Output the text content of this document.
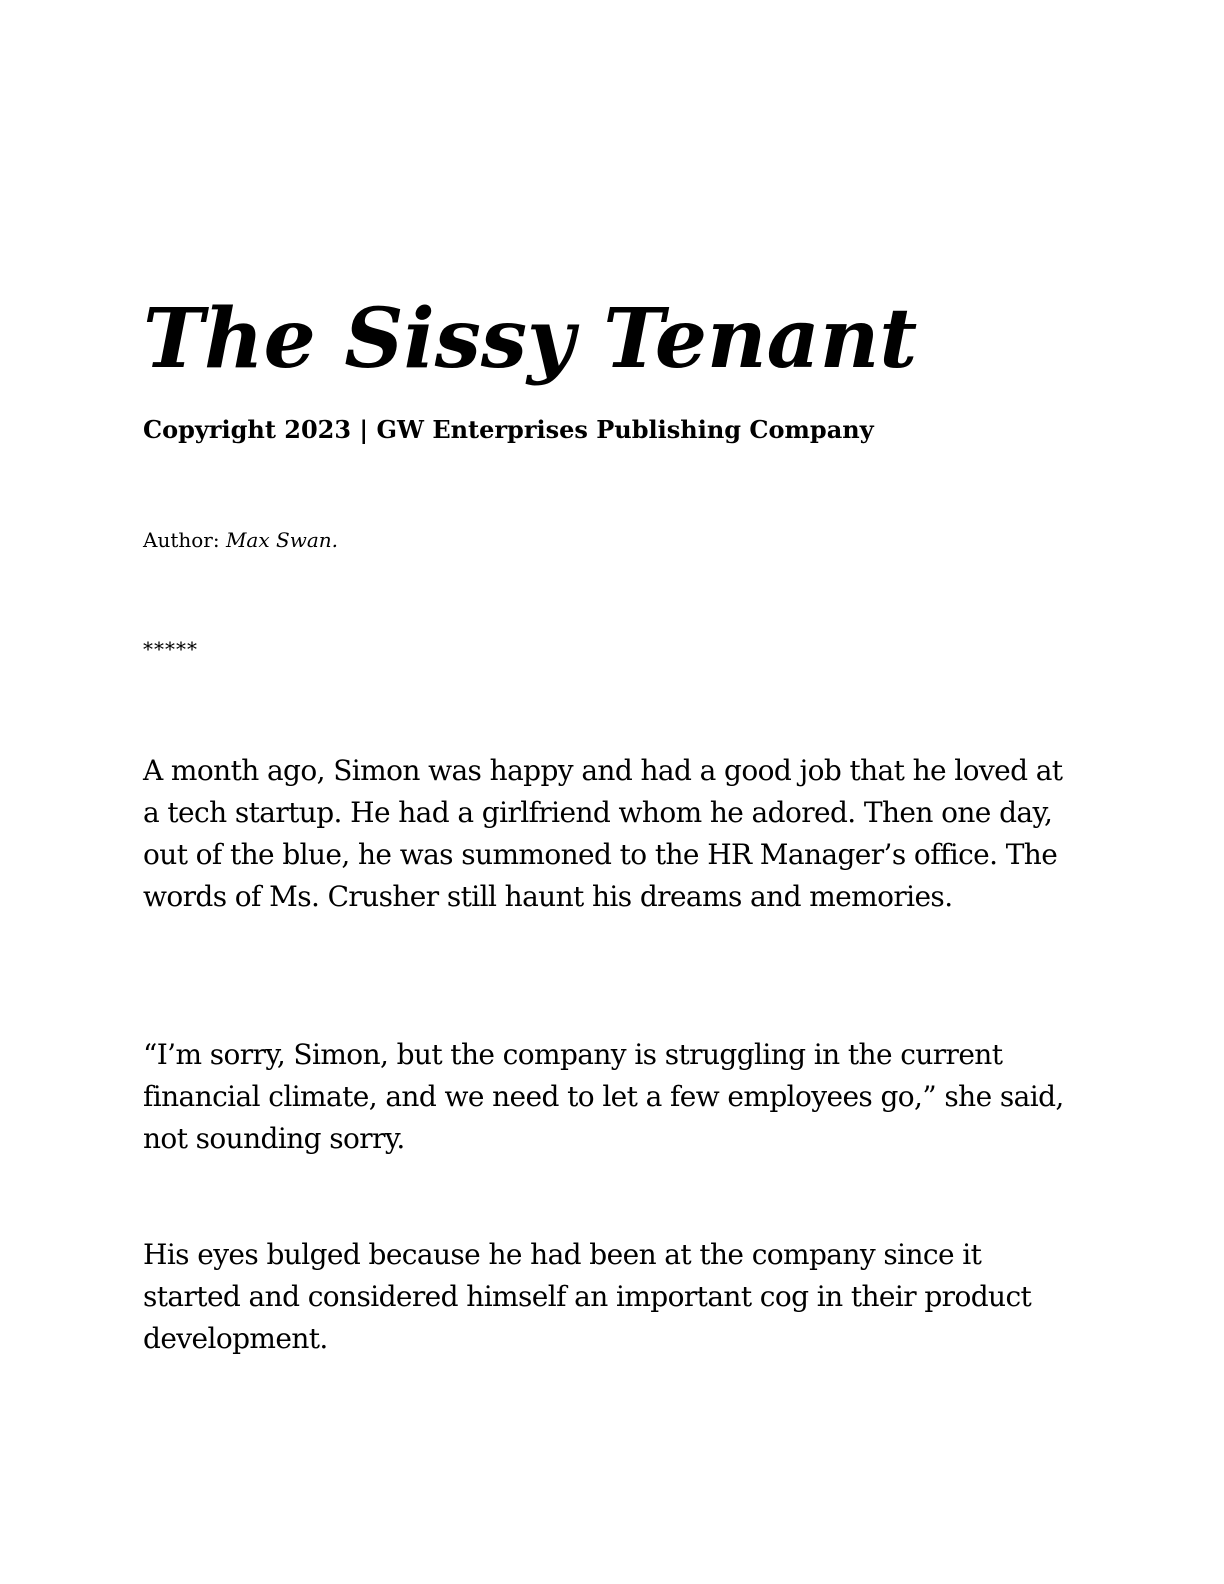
The Sissy Tenant

Copyright 2023 | GW Enterprises Publishing Company

Author: Max Swan.

*****

A month ago, Simon was happy and had a good job that he loved at a tech startup. He had a girlfriend whom he adored. Then one day, out of the blue, he was summoned to the HR Manager’s office. The words of Ms. Crusher still haunt his dreams and memories.

“I’m sorry, Simon, but the company is struggling in the current financial climate, and we need to let a few employees go,” she said, not sounding sorry.

His eyes bulged because he had been at the company since it started and considered himself an important cog in their product development.
